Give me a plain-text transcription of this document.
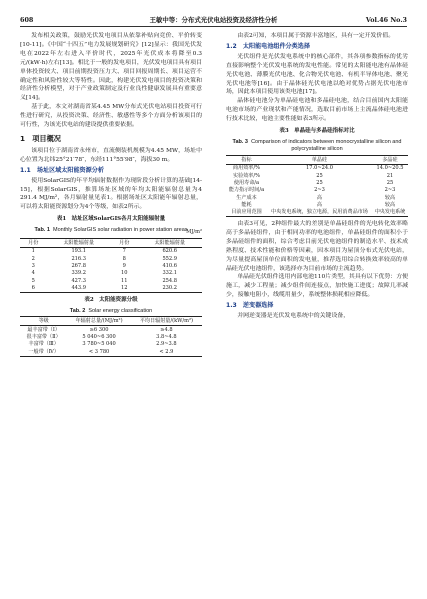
608	王敏中等：分布式光伏电站投资及经济性分析	Vol.46 No.3

发布相关政策，鼓励光伏发电项目从依靠补贴向竞价、平价转变[10-11]。《中国“十四五”电力发展规划研究》[12]显示：我国光伏发电在2022年左右进入平价时代，2025年光伏成本将降至0.3元/(kW·h)左右[13]。相比于一般的发电项目，光伏发电项目具有项目单体投资较大、项目前期投资压力大、项目回报周期长、项目运营不确定性和风险性较大等特性。因此，构建光伏发电项目的投资决策和经济性分析模型，对于产业政策制定及行业良性健康发展具有重要意义[14]。

基于此，本文对湖南省某4.45 MW分布式光伏电站项目投资可行性进行研究，从投资决策、经济性、敏感性等多个方面分析该项目的可行性，为该光伏电站的建设提供重要依据。

1　项目概况

该项目位于湖南省永州市，直流侧装机规模为4.45 MW，场址中心位置为北纬25°21′78″，东经111°55′98″，海拔30 m。

1.1　场址区域太阳能资源分析

使用SolarGIS的年平均辐射数据作为现阶段分析计算的基础[14-15]，根据SolarGIS，推算场址区域的年均太阳能辐射总量为4 291.4 MJ/m²，各月辐射量见表1。根据场址区太阳能年辐射总量，可以将太阳能资源划分为4个等级，如表2所示。

表1　站址区域SolarGIS各月太阳能辐射量
Tab. 1 Monthly SolarGIS solar radiation in power station areas
MJ/m²
月份	太阳能辐射量	月份	太阳能辐射量
1	193.1	7	620.6
2	216.3	8	552.9
3	267.8	9	410.6
4	339.2	10	332.1
5	427.3	11	254.8
6	443.9	12	230.2
表2　太阳能资源分级
Tab. 2 Solar energy classification
等级	年辐射总量/(MJ/m²)	平均日辐射量/(kW/m²)
最丰富带（Ⅰ）	≥6 300	≥4.8
很丰富带（Ⅱ）	5 040~6 300	3.8~4.8
丰富带（Ⅲ）	3 780~5 040	2.9~3.8
一般带（Ⅳ）	< 3 780	< 2.9

由表2可知，本项目属于资源丰富地区，具有一定开发价值。

1.2　太阳能电池组件分类选择

光伏组件是光伏发电系统中的核心部件，其各项参数指标的优劣直接影响整个光伏发电系统的发电性能。常见的太阳能电池有晶体硅光伏电池、薄膜光伏电池、化合物光伏电池、有机半导体电池、聚光光伏电池等[16]。由于晶体硅光伏电池以绝对优势占据光伏电池市场，因此本项目使用该类电池[17]。

晶体硅电池分为单晶硅电池和多晶硅电池，结合目前国内太阳能电池市场的产业现状和产能情况，选取目前市场上主流晶体硅电池进行技术比较，电池主要性能如表3所示。

表3　单晶硅与多晶硅指标对比
Tab. 3 Comparison of indicators between monocrystalline silicon and polycrystalline silicon
指标	单晶硅	多晶硅
商用效率/%	17.0~24.0	14.0~20.5
实验效率/%	25	21
使用寿命/a	25	25
能力指示时间/a	2~3	2~3
生产成本	高	较高
能耗	高	较高
目前应用范围	中央发电系统，独立电源，民用消费品市场	中央发电系统

由表3可见，2种组件最大的差别是单晶硅组件的光电转化效率略高于多晶硅组件，由于相同功率的电池组件，单晶硅组件的面积小于多晶硅组件的面积，综合考虑目前光伏电池组件的制造水平、技术成熟程度、技术性能和价格等因素，因本项目为屋顶分布式光伏电站，为尽量提高屋顶单位面积的发电量，推荐选用综合转换效率较高的单晶硅光伏电池组件，该选择亦为目前市场的主流趋势。

单晶硅光伏组件选用内部电池110片类型，其具有以下优势：方便施工，减少工程量；减少组件间连接点，加快施工进度；故障几率减少，接触电阻小，线缆用量少，系统整体损耗相应降低。

1.3　逆变器选择

并网逆变器是光伏发电系统中的关键设备，
